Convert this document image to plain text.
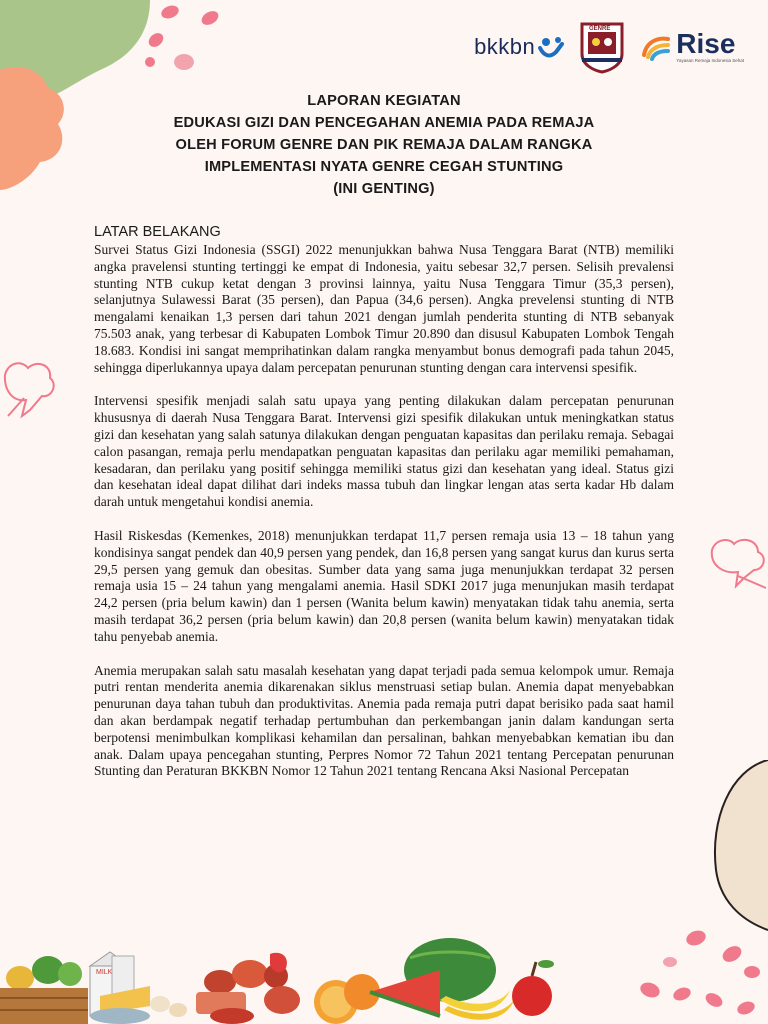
MILK
bkkbn
GENRE Rise
Yayasan Remaja Indonesia Sehat
LAPORAN KEGIATAN
EDUKASI GIZI DAN PENCEGAHAN ANEMIA PADA REMAJA
OLEH FORUM GENRE DAN PIK REMAJA DALAM RANGKA
IMPLEMENTASI NYATA GENRE CEGAH STUNTING
(INI GENTING)
LATAR BELAKANG

Survei Status Gizi Indonesia (SSGI) 2022 menunjukkan bahwa Nusa Tenggara Barat (NTB) memiliki angka pravelensi stunting tertinggi ke empat di Indonesia, yaitu sebesar 32,7 persen. Selisih prevalensi stunting NTB cukup ketat dengan 3 provinsi lainnya, yaitu Nusa Tenggara Timur (35,3 persen), selanjutnya Sulawessi Barat (35 persen), dan Papua (34,6 persen). Angka prevelensi stunting di NTB mengalami kenaikan 1,3 persen dari tahun 2021 dengan jumlah penderita stunting di NTB sebanyak 75.503 anak, yang terbesar di Kabupaten Lombok Timur 20.890 dan disusul Kabupaten Lombok Tengah 18.683. Kondisi ini sangat memprihatinkan dalam rangka menyambut bonus demografi pada tahun 2045, sehingga diperlukannya upaya dalam percepatan penurunan stunting dengan cara intervensi spesifik.

Intervensi spesifik menjadi salah satu upaya yang penting dilakukan dalam percepatan penurunan khususnya di daerah Nusa Tenggara Barat. Intervensi gizi spesifik dilakukan untuk meningkatkan status gizi dan kesehatan yang salah satunya dilakukan dengan penguatan kapasitas dan perilaku remaja. Sebagai calon pasangan, remaja perlu mendapatkan penguatan kapasitas dan perilaku agar memiliki pemahaman, kesadaran, dan perilaku yang positif sehingga memiliki status gizi dan kesehatan yang ideal. Status gizi dan kesehatan ideal dapat dilihat dari indeks massa tubuh dan lingkar lengan atas serta kadar Hb dalam darah untuk mengetahui kondisi anemia.

Hasil Riskesdas (Kemenkes, 2018) menunjukkan terdapat 11,7 persen remaja usia 13 – 18 tahun yang kondisinya sangat pendek dan 40,9 persen yang pendek, dan 16,8 persen yang sangat kurus dan kurus serta 29,5 persen yang gemuk dan obesitas. Sumber data yang sama juga menunjukkan terdapat 32 persen remaja usia 15 – 24 tahun yang mengalami anemia. Hasil SDKI 2017 juga menunjukan masih terdapat 24,2 persen (pria belum kawin) dan 1 persen (Wanita belum kawin) menyatakan tidak tahu anemia, serta masih terdapat 36,2 persen (pria belum kawin) dan 20,8 persen (wanita belum kawin) menyatakan tidak tahu penyebab anemia.

Anemia merupakan salah satu masalah kesehatan yang dapat terjadi pada semua kelompok umur. Remaja putri rentan menderita anemia dikarenakan siklus menstruasi setiap bulan. Anemia dapat menyebabkan penurunan daya tahan tubuh dan produktivitas. Anemia pada remaja putri dapat berisiko pada saat hamil dan akan berdampak negatif terhadap pertumbuhan dan perkembangan janin dalam kandungan serta berpotensi menimbulkan komplikasi kehamilan dan persalinan, bahkan menyebabkan kematian ibu dan anak. Dalam upaya pencegahan stunting, Perpres Nomor 72 Tahun 2021 tentang Percepatan penurunan Stunting dan Peraturan BKKBN Nomor 12 Tahun 2021 tentang Rencana Aksi Nasional Percepatan
